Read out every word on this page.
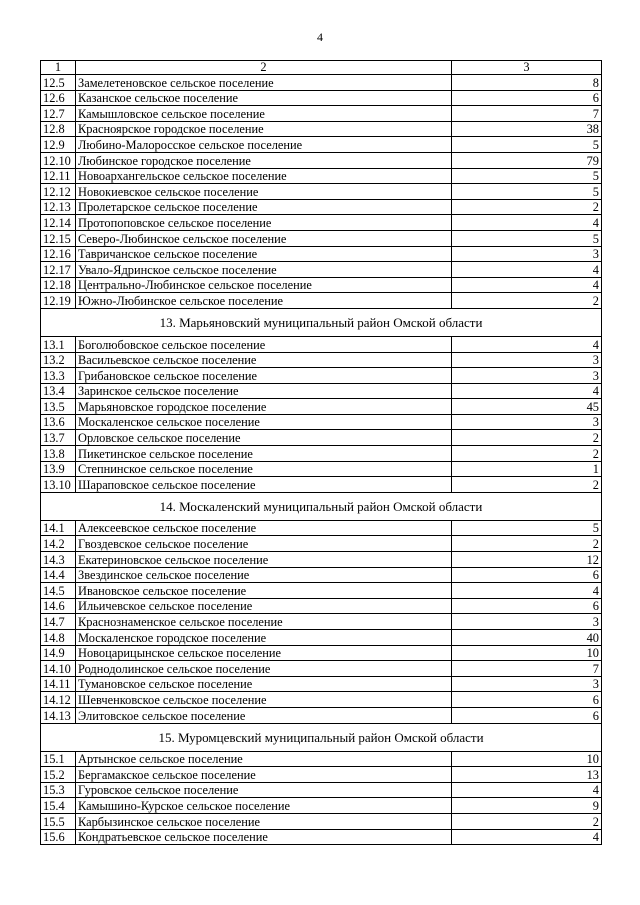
4
1	2	3
12.5	Замелетеновское сельское поселение	8
12.6	Казанское сельское поселение	6
12.7	Камышловское сельское поселение	7
12.8	Красноярское городское поселение	38
12.9	Любино-Малоросское сельское поселение	5
12.10	Любинское городское поселение	79
12.11	Новоархангельское сельское поселение	5
12.12	Новокиевское сельское поселение	5
12.13	Пролетарское сельское поселение	2
12.14	Протопоповское сельское поселение	4
12.15	Северо-Любинское сельское поселение	5
12.16	Тавричанское сельское поселение	3
12.17	Увало-Ядринское сельское поселение	4
12.18	Центрально-Любинское сельское поселение	4
12.19	Южно-Любинское сельское поселение	2
13. Марьяновский муниципальный район Омской области		
13.1	Боголюбовское сельское поселение	4
13.2	Васильевское сельское поселение	3
13.3	Грибановское сельское поселение	3
13.4	Заринское сельское поселение	4
13.5	Марьяновское городское поселение	45
13.6	Москаленское сельское поселение	3
13.7	Орловское сельское поселение	2
13.8	Пикетинское сельское поселение	2
13.9	Степнинское сельское поселение	1
13.10	Шараповское сельское поселение	2
14. Москаленский муниципальный район Омской области		
14.1	Алексеевское сельское поселение	5
14.2	Гвоздевское сельское поселение	2
14.3	Екатериновское сельское поселение	12
14.4	Звездинское сельское поселение	6
14.5	Ивановское сельское поселение	4
14.6	Ильичевское сельское поселение	6
14.7	Краснознаменское сельское поселение	3
14.8	Москаленское городское поселение	40
14.9	Новоцарицынское сельское поселение	10
14.10	Роднодолинское сельское поселение	7
14.11	Тумановское сельское поселение	3
14.12	Шевченковское сельское поселение	6
14.13	Элитовское сельское поселение	6
15. Муромцевский муниципальный район Омской области		
15.1	Артынское сельское поселение	10
15.2	Бергамакское сельское поселение	13
15.3	Гуровское сельское поселение	4
15.4	Камышино-Курское сельское поселение	9
15.5	Карбызинское сельское поселение	2
15.6	Кондратьевское сельское поселение	4
